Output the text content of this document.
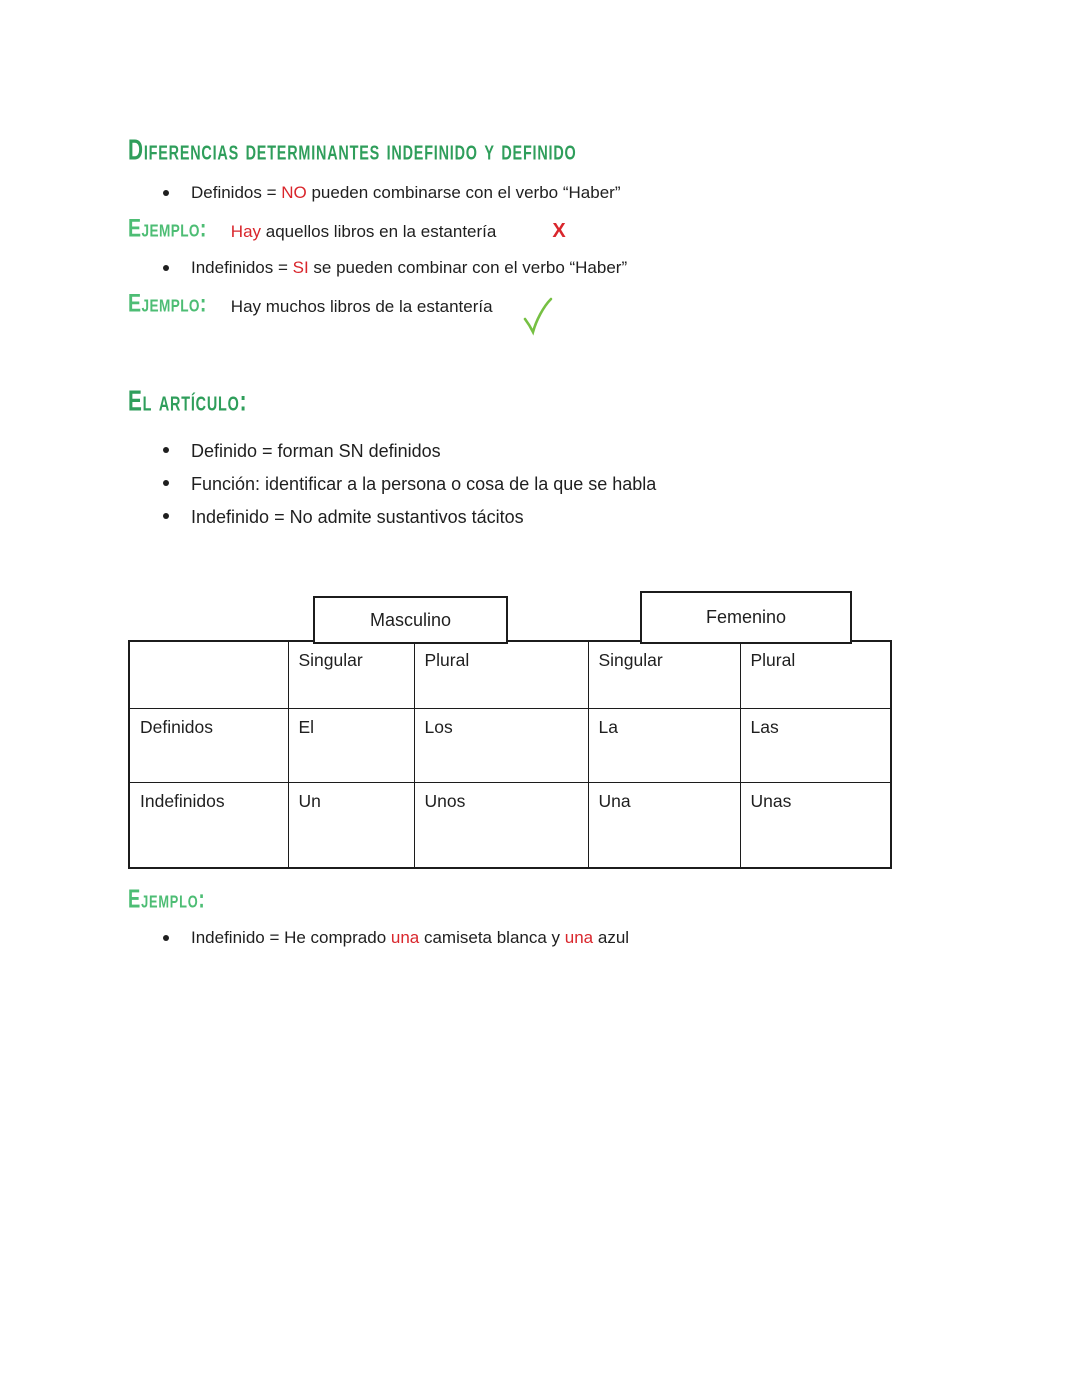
Diferencias determinantes indefinido y definido
Definidos = NO pueden combinarse con el verbo “Haber”
Ejemplo:	Hay aquellos libros en la estantería	X
Indefinidos = SI se pueden combinar con el verbo “Haber”
Ejemplo:	Hay muchos libros de la estantería
El artículo:
Definido = forman SN definidos
Función: identificar a la persona o cosa de la que se habla
Indefinido = No admite sustantivos tácitos
Masculino	Femenino
	Singular	Plural	Singular	Plural
Definidos	El	Los	La	Las
Indefinidos	Un	Unos	Una	Unas
Ejemplo:
Indefinido = He comprado una camiseta blanca y una azul
